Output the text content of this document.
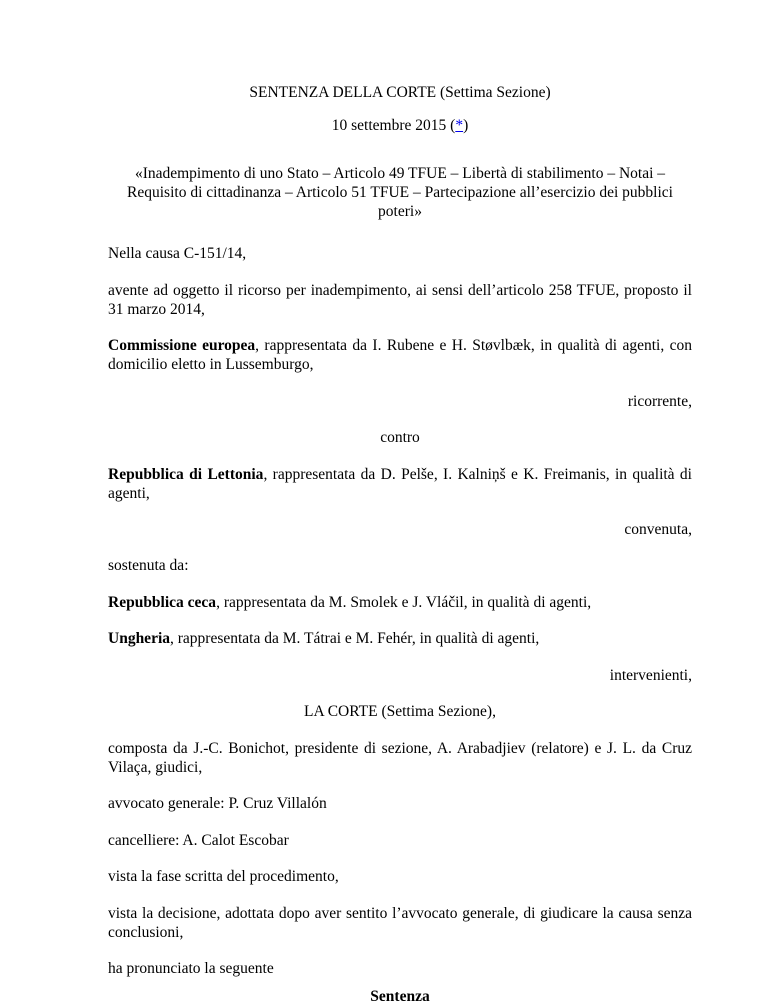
SENTENZA DELLA CORTE (Settima Sezione)

10 settembre 2015 (*)

«Inadempimento di uno Stato – Articolo 49 TFUE – Libertà di stabilimento – Notai – Requisito di cittadinanza – Articolo 51 TFUE – Partecipazione all’esercizio dei pubblici poteri»

Nella causa C-151/14,

avente ad oggetto il ricorso per inadempimento, ai sensi dell’articolo 258 TFUE, proposto il 31 marzo 2014,

Commissione europea, rappresentata da I. Rubene e H. Støvlbæk, in qualità di agenti, con domicilio eletto in Lussemburgo,

ricorrente,

contro

Repubblica di Lettonia, rappresentata da D. Pelše, I. Kalniņš e K. Freimanis, in qualità di agenti,

convenuta,

sostenuta da:

Repubblica ceca, rappresentata da M. Smolek e J. Vláčil, in qualità di agenti,

Ungheria, rappresentata da M. Tátrai e M. Fehér, in qualità di agenti,

intervenienti,

LA CORTE (Settima Sezione),

composta da J.-C. Bonichot, presidente di sezione, A. Arabadjiev (relatore) e J. L. da Cruz Vilaça, giudici,

avvocato generale: P. Cruz Villalón

cancelliere: A. Calot Escobar

vista la fase scritta del procedimento,

vista la decisione, adottata dopo aver sentito l’avvocato generale, di giudicare la causa senza conclusioni,

ha pronunciato la seguente

Sentenza
